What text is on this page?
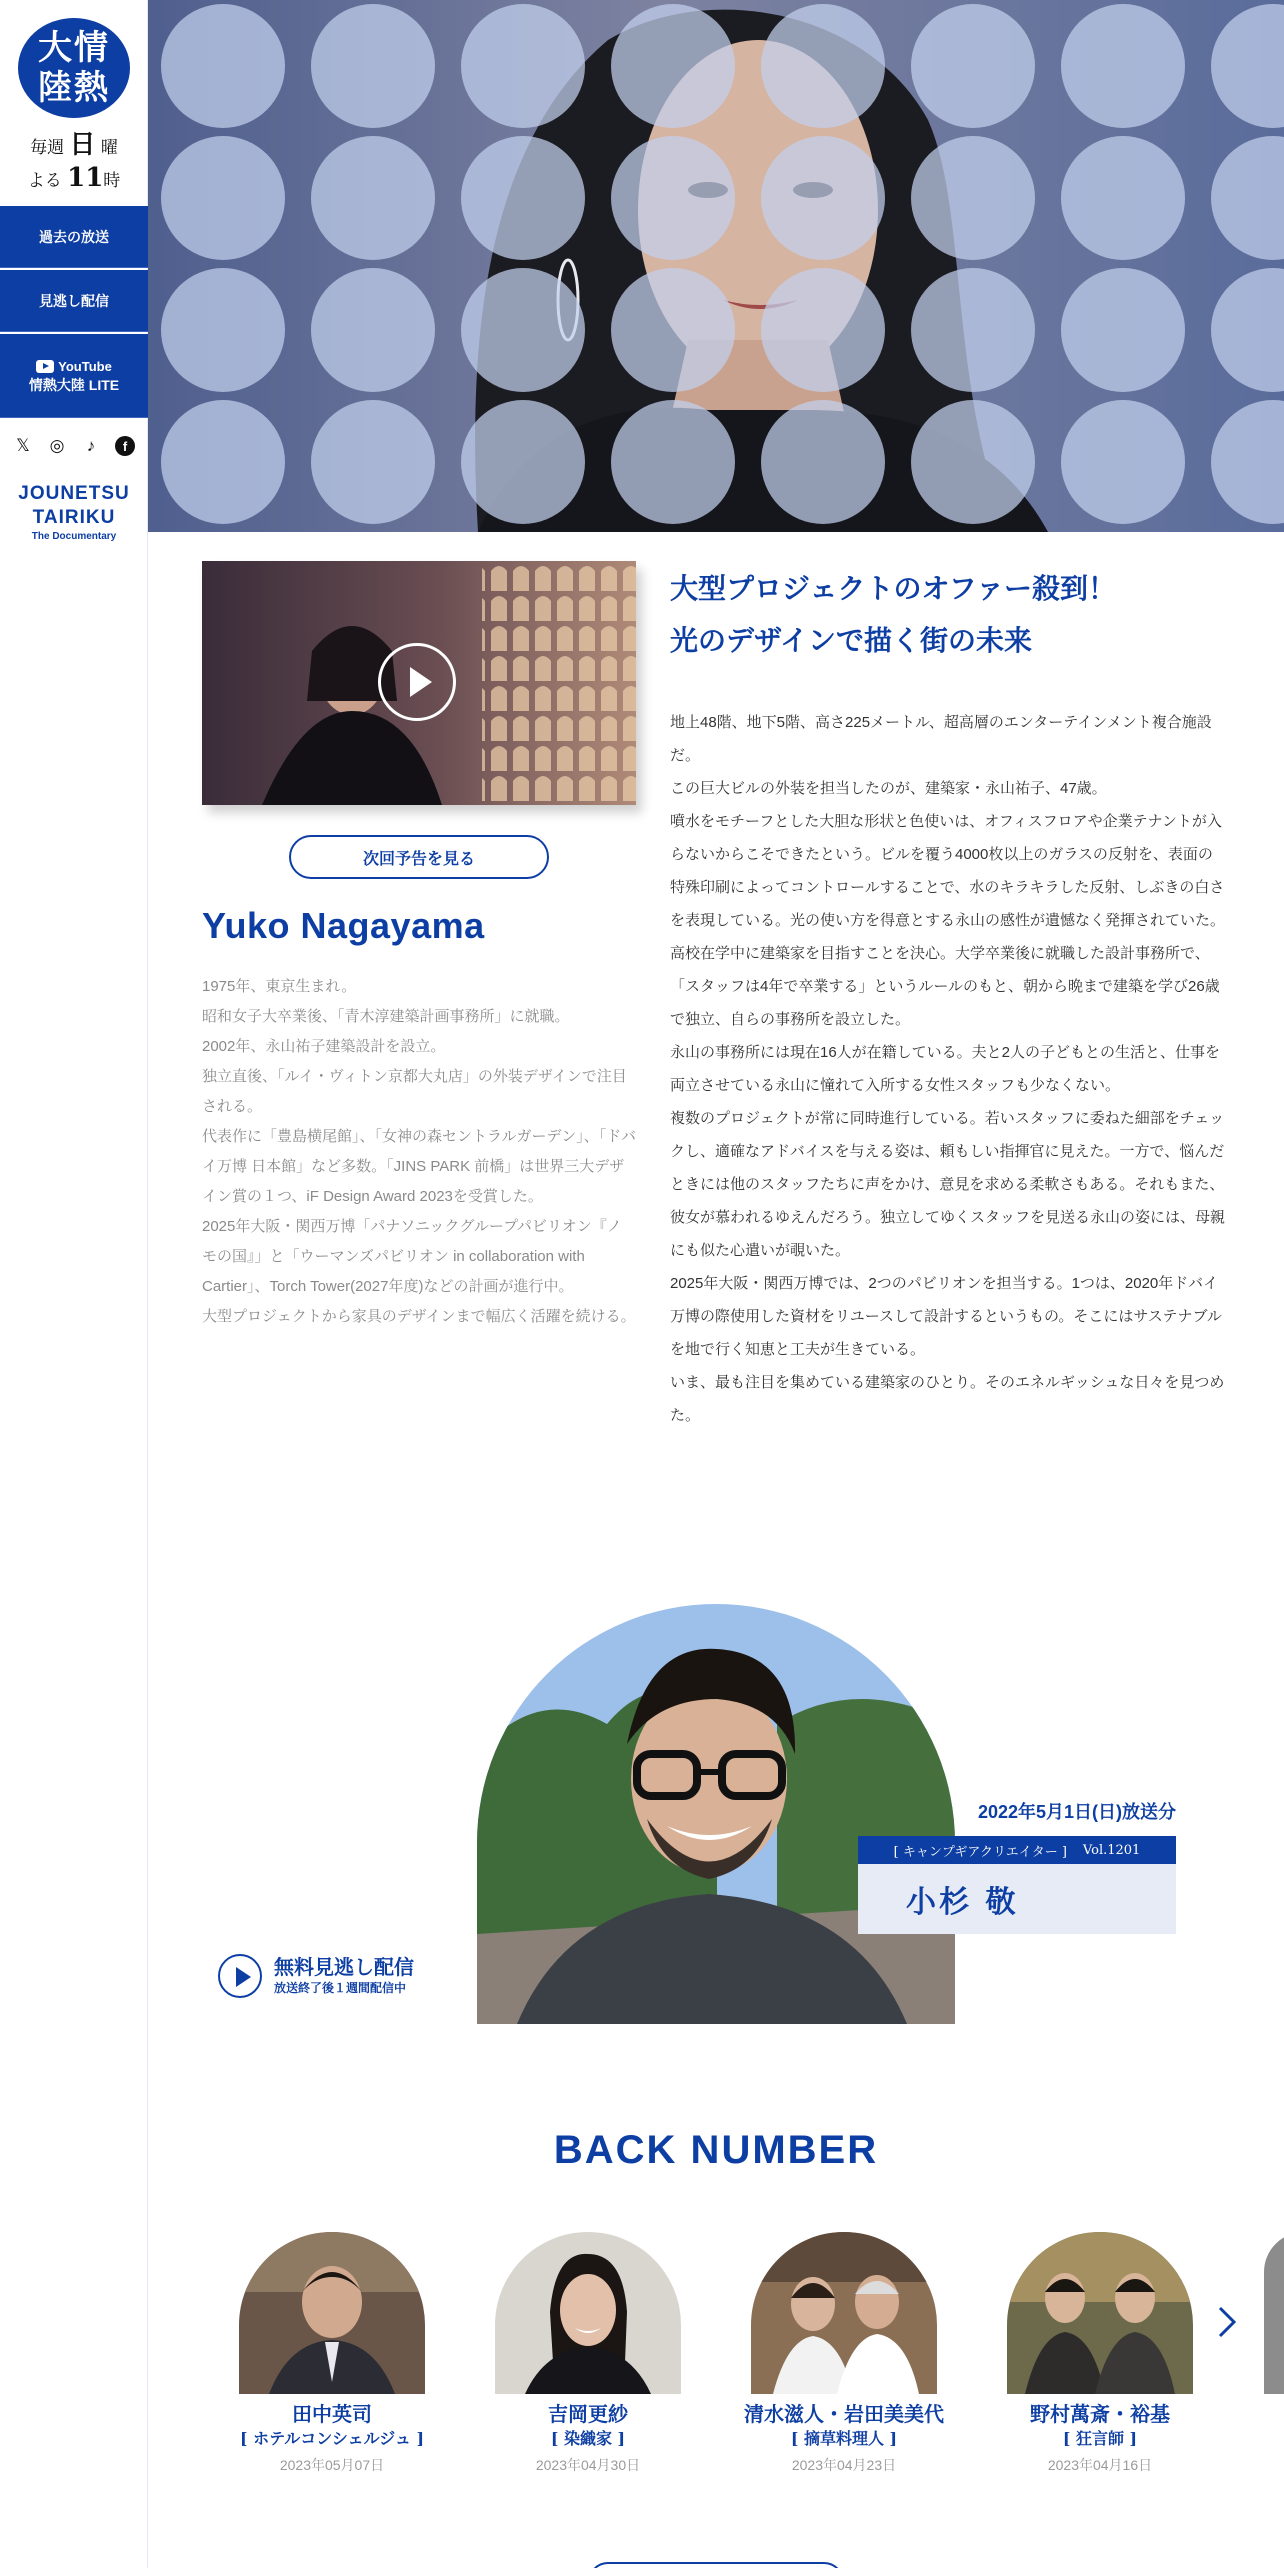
大情
陸熱
毎週 日 曜
よる 11時
過去の放送
見逃し配信
YouTube
情熱大陸 LITE
𝕏 ◎	♪	f
JOUNETSU
TAIRIKU
The Documentary
次回予告を見る
Yuko Nagayama

1975年、東京生まれ。

昭和女子大卒業後、「青木淳建築計画事務所」に就職。

2002年、永山祐子建築設計を設立。

独立直後、「ルイ・ヴィトン京都大丸店」の外装デザインで注目される。

代表作に「豊島横尾館」、「女神の森セントラルガーデン」、「ドバイ万博 日本館」など多数。「JINS PARK 前橋」は世界三大デザイン賞の１つ、iF Design Award 2023を受賞した。

2025年大阪・関西万博「パナソニックグループパビリオン『ノモの国』」と「ウーマンズパビリオン in collaboration with Cartier」、Torch Tower(2027年度)などの計画が進行中。

大型プロジェクトから家具のデザインまで幅広く活躍を続ける。

大型プロジェクトのオファー殺到！
光のデザインで描く街の未来

地上48階、地下5階、高さ225メートル、超高層のエンターテインメント複合施設だ。

この巨大ビルの外装を担当したのが、建築家・永山祐子、47歳。

噴水をモチーフとした大胆な形状と色使いは、オフィスフロアや企業テナントが入らないからこそできたという。ビルを覆う4000枚以上のガラスの反射を、表面の特殊印刷によってコントロールすることで、水のキラキラした反射、しぶきの白さを表現している。光の使い方を得意とする永山の感性が遺憾なく発揮されていた。

高校在学中に建築家を目指すことを決心。大学卒業後に就職した設計事務所で、「スタッフは4年で卒業する」というルールのもと、朝から晩まで建築を学び26歳で独立、自らの事務所を設立した。

永山の事務所には現在16人が在籍している。夫と2人の子どもとの生活と、仕事を両立させている永山に憧れて入所する女性スタッフも少なくない。

複数のプロジェクトが常に同時進行している。若いスタッフに委ねた細部をチェックし、適確なアドバイスを与える姿は、頼もしい指揮官に見えた。一方で、悩んだときには他のスタッフたちに声をかけ、意見を求める柔軟さもある。それもまた、彼女が慕われるゆえんだろう。独立してゆくスタッフを見送る永山の姿には、母親にも似た心遣いが覗いた。

2025年大阪・関西万博では、2つのパビリオンを担当する。1つは、2020年ドバイ万博の際使用した資材をリユースして設計するというもの。そこにはサステナブルを地で行く知恵と工夫が生きている。

いま、最も注目を集めている建築家のひとり。そのエネルギッシュな日々を見つめた。

2022年5月1日(日)放送分
[ キャンプギアクリエイター ] Vol.1201
小杉 敬
無料見逃し配信
放送終了後１週間配信中
BACK NUMBER
田中英司
[ ホテルコンシェルジュ ]
2023年05月07日
吉岡更紗
[ 染織家 ]
2023年04月30日
清水滋人・岩田美美代
[ 摘草料理人 ]
2023年04月23日
野村萬斎・裕基
[ 狂言師 ]
2023年04月16日
